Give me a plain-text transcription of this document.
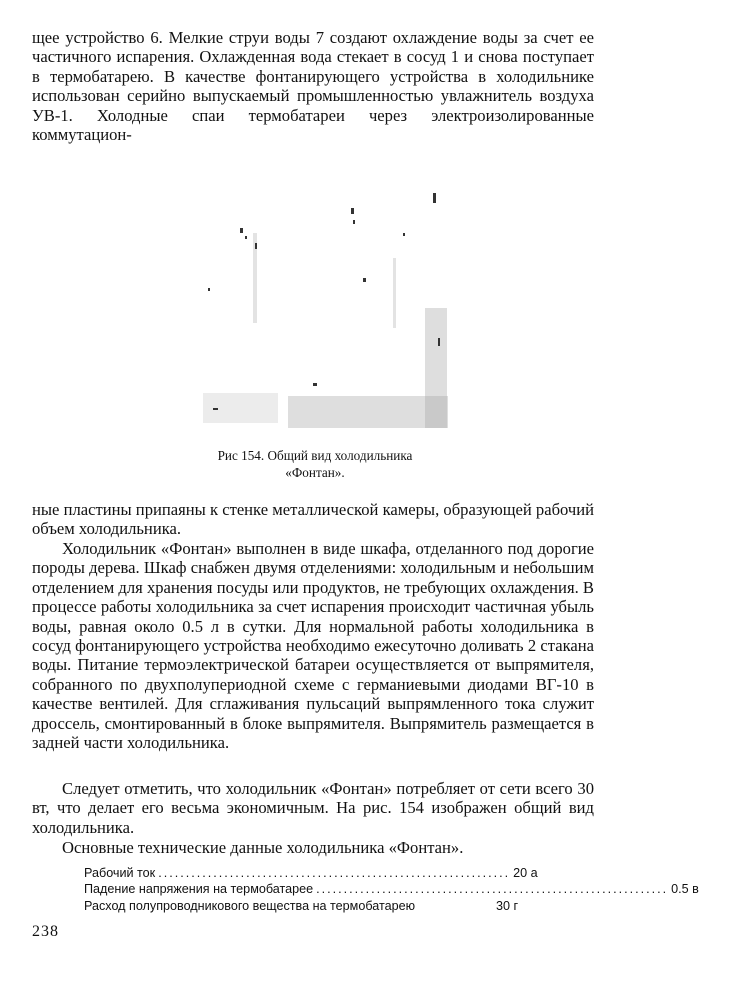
щее устройство 6. Мелкие струи воды 7 создают охлаждение воды за счет ее частичного испарения. Охлажденная вода стекает в сосуд 1 и снова поступает в термобатарею. В качестве фонтанирующего устройства в холодильнике использован серийно выпускаемый промышленностью увлажнитель воздуха УВ-1. Холодные спаи термобатареи через электроизолированные коммутацион-

Рис 154. Общий вид холодильника
«Фонтан».

ные пластины припаяны к стенке металлической камеры, образующей рабочий объем холодильника.

Холодильник «Фонтан» выполнен в виде шкафа, отделанного под дорогие породы дерева. Шкаф снабжен двумя отделениями: холодильным и небольшим отделением для хранения посуды или продуктов, не требующих охлаждения. В процессе работы холодильника за счет испарения происходит частичная убыль воды, равная около 0.5 л в сутки. Для нормальной работы холодильника в сосуд фонтанирующего устройства необходимо ежесуточно доливать 2 стакана воды. Питание термоэлектрической батареи осуществляется от выпрямителя, собранного по двухполупериодной схеме с германиевыми диодами ВГ-10 в качестве вентилей. Для сглаживания пульсаций выпрямленного тока служит дроссель, смонтированный в блоке выпрямителя. Выпрямитель размещается в задней части холодильника.

Следует отметить, что холодильник «Фонтан» потребляет от сети всего 30 вт, что делает его весьма экономичным. На рис. 154 изображен общий вид холодильника.

Основные технические данные холодильника «Фонтан».
Рабочий ток ................................................................ 20 а
Падение напряжения на термобатарее ................................................................ 0.5 в
Расход полупроводникового вещества на термобатарею	30 г
238
